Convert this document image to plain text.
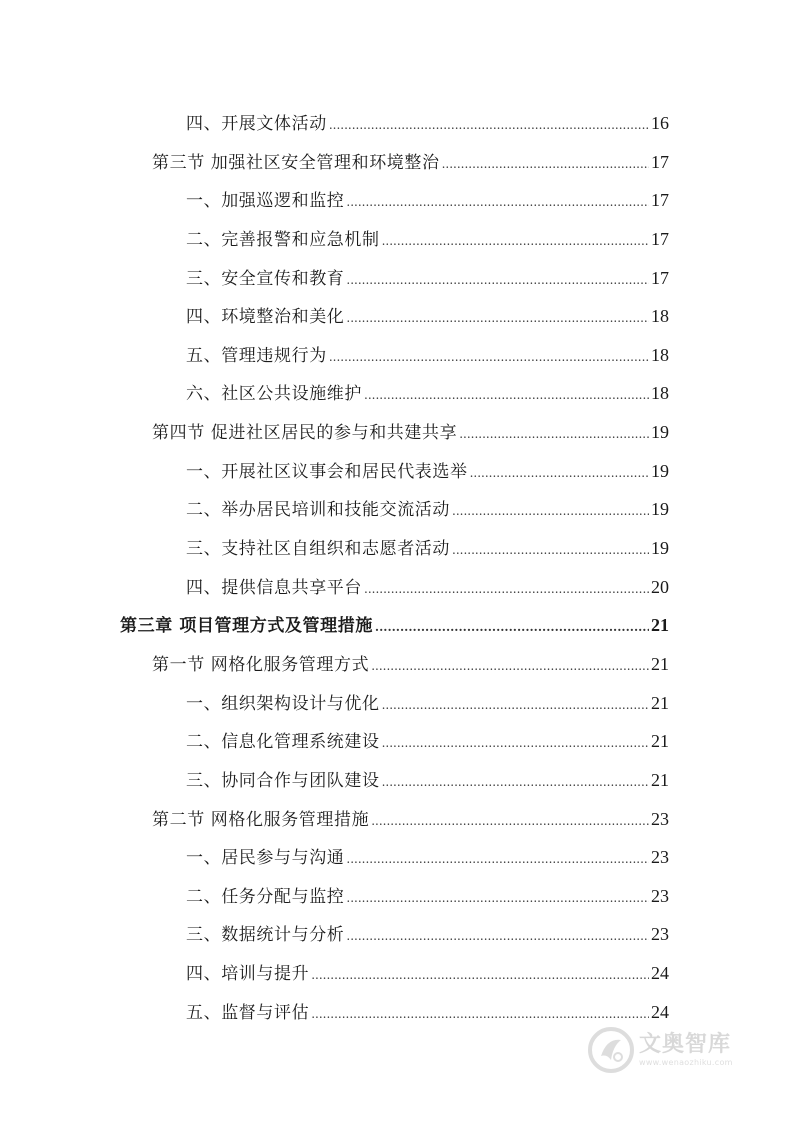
四、开展文体活动 .....	16
第三节 加强社区安全管理和环境整治 .....	17
一、加强巡逻和监控 .....	17
二、完善报警和应急机制 .....	17
三、安全宣传和教育 .....	17
四、环境整治和美化 .....	18
五、管理违规行为 .....	18
六、社区公共设施维护 .....	18
第四节 促进社区居民的参与和共建共享 .....	19
一、开展社区议事会和居民代表选举 .....	19
二、举办居民培训和技能交流活动 .....	19
三、支持社区自组织和志愿者活动 .....	19
四、提供信息共享平台 .....	20
第三章 项目管理方式及管理措施 .....	21
第一节 网格化服务管理方式 .....	21
一、组织架构设计与优化 .....	21
二、信息化管理系统建设 .....	21
三、协同合作与团队建设 .....	21
第二节 网格化服务管理措施 .....	23
一、居民参与与沟通 .....	23
二、任务分配与监控 .....	23
三、数据统计与分析 .....	23
四、培训与提升 .....	24
五、监督与评估 .....	24
文奥智库
www.wenaozhiku.com
